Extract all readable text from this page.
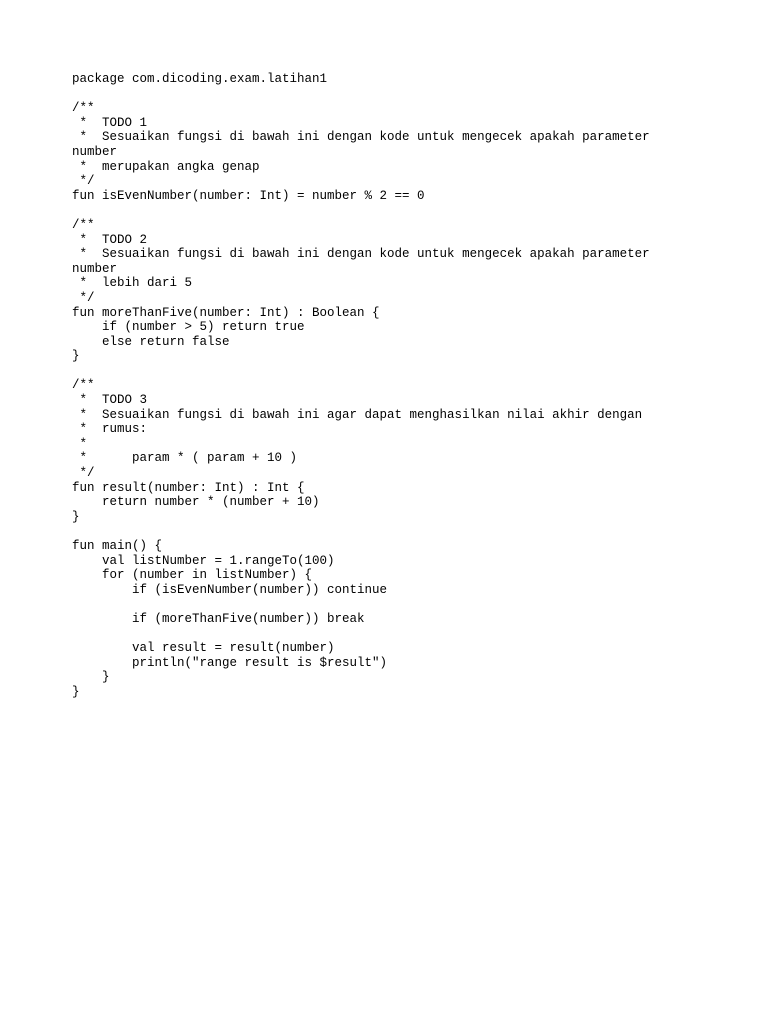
package com.dicoding.exam.latihan1
/**
*  TODO 1
*  Sesuaikan fungsi di bawah ini dengan kode untuk mengecek apakah parameter
number
*  merupakan angka genap
*/
fun isEvenNumber(number: Int) = number % 2 == 0
/**
*  TODO 2
*  Sesuaikan fungsi di bawah ini dengan kode untuk mengecek apakah parameter
number
*  lebih dari 5
*/
fun moreThanFive(number: Int) : Boolean {
if (number > 5) return true
else return false
}
/**
*  TODO 3
*  Sesuaikan fungsi di bawah ini agar dapat menghasilkan nilai akhir dengan
*  rumus:
*
*      param * ( param + 10 )
*/
fun result(number: Int) : Int {
return number * (number + 10)
}
fun main() {
val listNumber = 1.rangeTo(100)
for (number in listNumber) {
if (isEvenNumber(number)) continue
if (moreThanFive(number)) break
val result = result(number)
println("range result is $result")
}
}
